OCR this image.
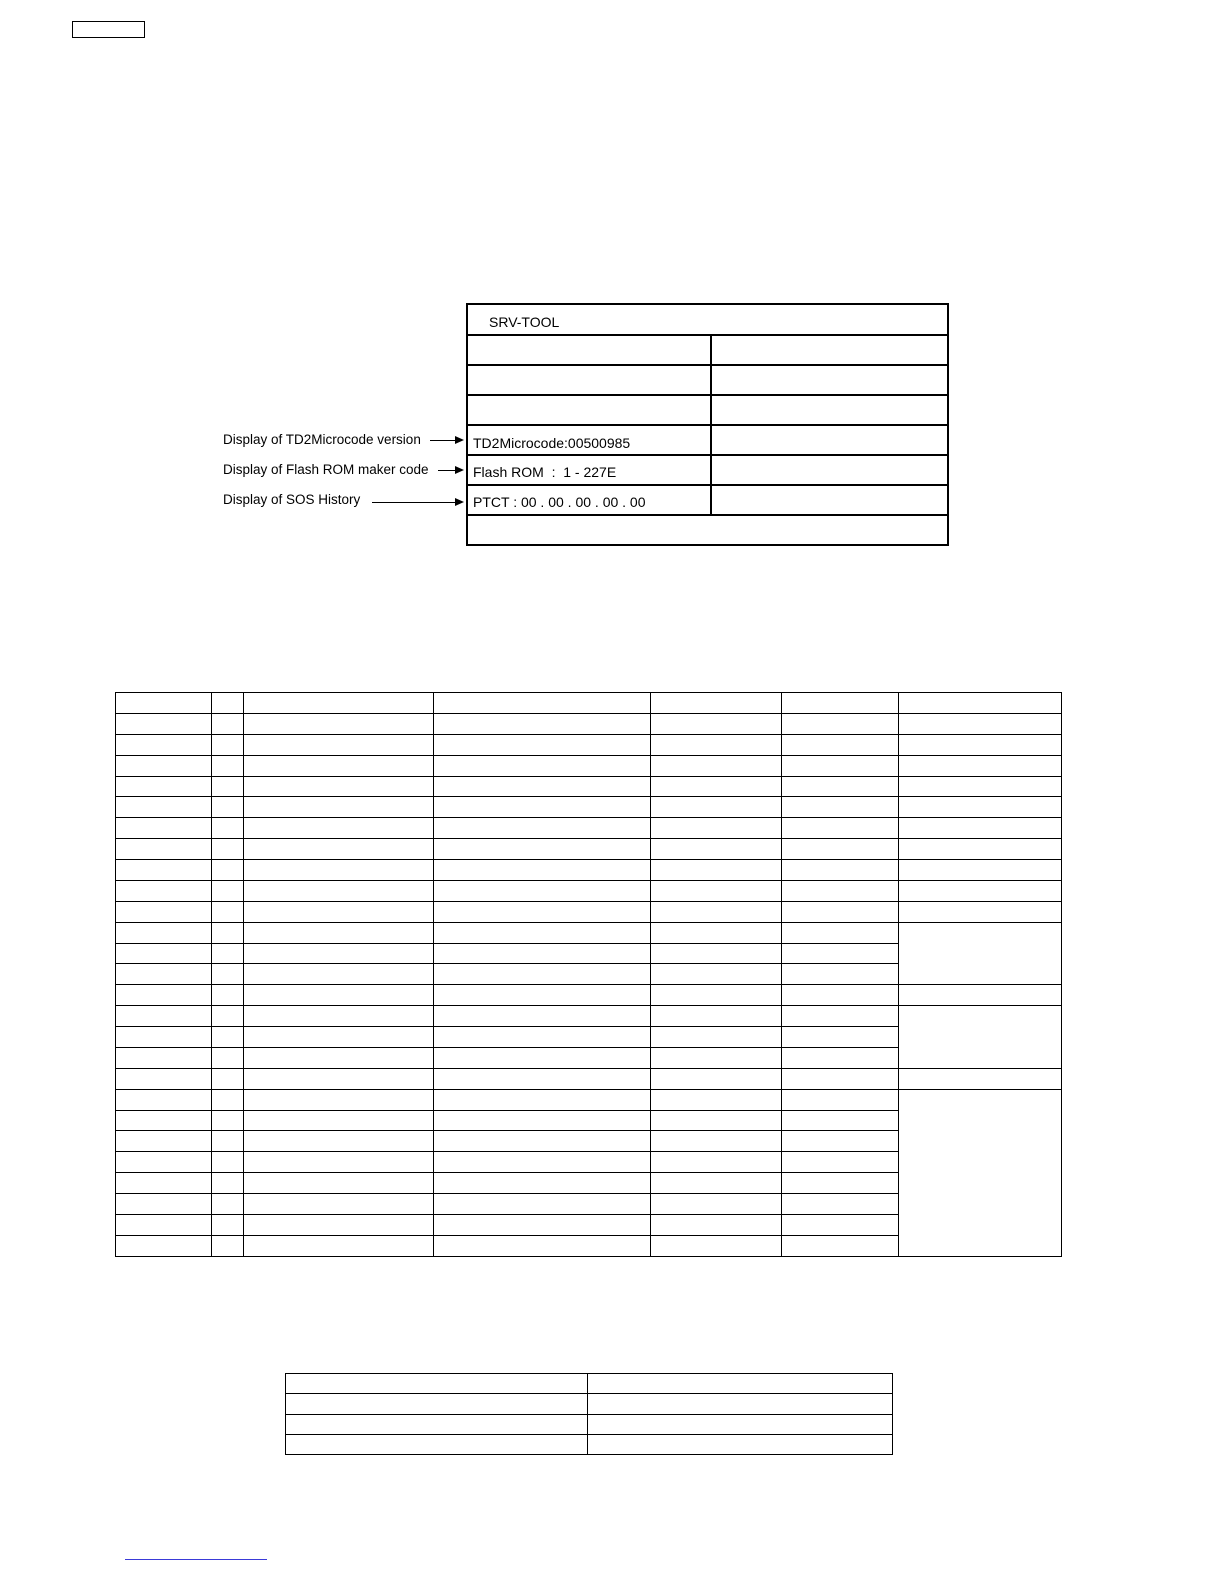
SRV-TOOL
TD2Microcode:00500985
Flash ROM  :  1 - 227E
PTCT : 00 . 00 . 00 . 00 . 00
Display of TD2Microcode version
Display of Flash ROM maker code
Display of SOS History
